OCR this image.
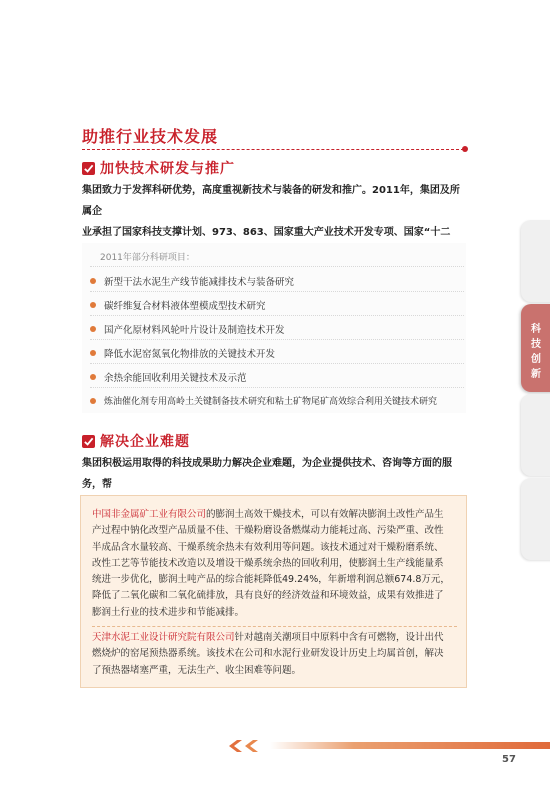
助推行业技术发展
加快技术研发与推广
集团致力于发挥科研优势，高度重视新技术与装备的研发和推广。2011年，集团及所属企
业承担了国家科技支撑计划、973、863、国家重大产业技术开发专项、国家“十二
2011年部分科研项目：
新型干法水泥生产线节能减排技术与装备研究
碳纤维复合材料液体塑模成型技术研究
国产化原材料风轮叶片设计及制造技术开发
降低水泥窑氮氧化物排放的关键技术开发
余热余能回收利用关键技术及示范
炼油催化剂专用高岭土关键制备技术研究和粘土矿物尾矿高效综合利用关键技术研究
解决企业难题
集团积极运用取得的科技成果助力解决企业难题，为企业提供技术、咨询等方面的服务，帮
中国非金属矿工业有限公司的膨润土高效干燥技术，可以有效解决膨润土改性产品生
产过程中钠化改型产品质量不佳、干燥粉磨设备燃煤动力能耗过高、污染严重、改性
半成品含水量较高、干燥系统余热未有效利用等问题。该技术通过对干燥粉磨系统、
改性工艺等节能技术改造以及增设干燥系统余热的回收利用，使膨润土生产线能量系
统进一步优化，膨润土吨产品的综合能耗降低49.24%，年新增利润总额674.8万元，
降低了二氧化碳和二氧化硫排放，具有良好的经济效益和环境效益，成果有效推进了
膨润土行业的技术进步和节能减排。
天津水泥工业设计研究院有限公司针对越南关潮项目中原料中含有可燃物，设计出代
燃烧炉的窑尾预热器系统。该技术在公司和水泥行业研发设计历史上均属首创，解决
了预热器堵塞严重，无法生产、收尘困难等问题。
科
技
创
新
57
